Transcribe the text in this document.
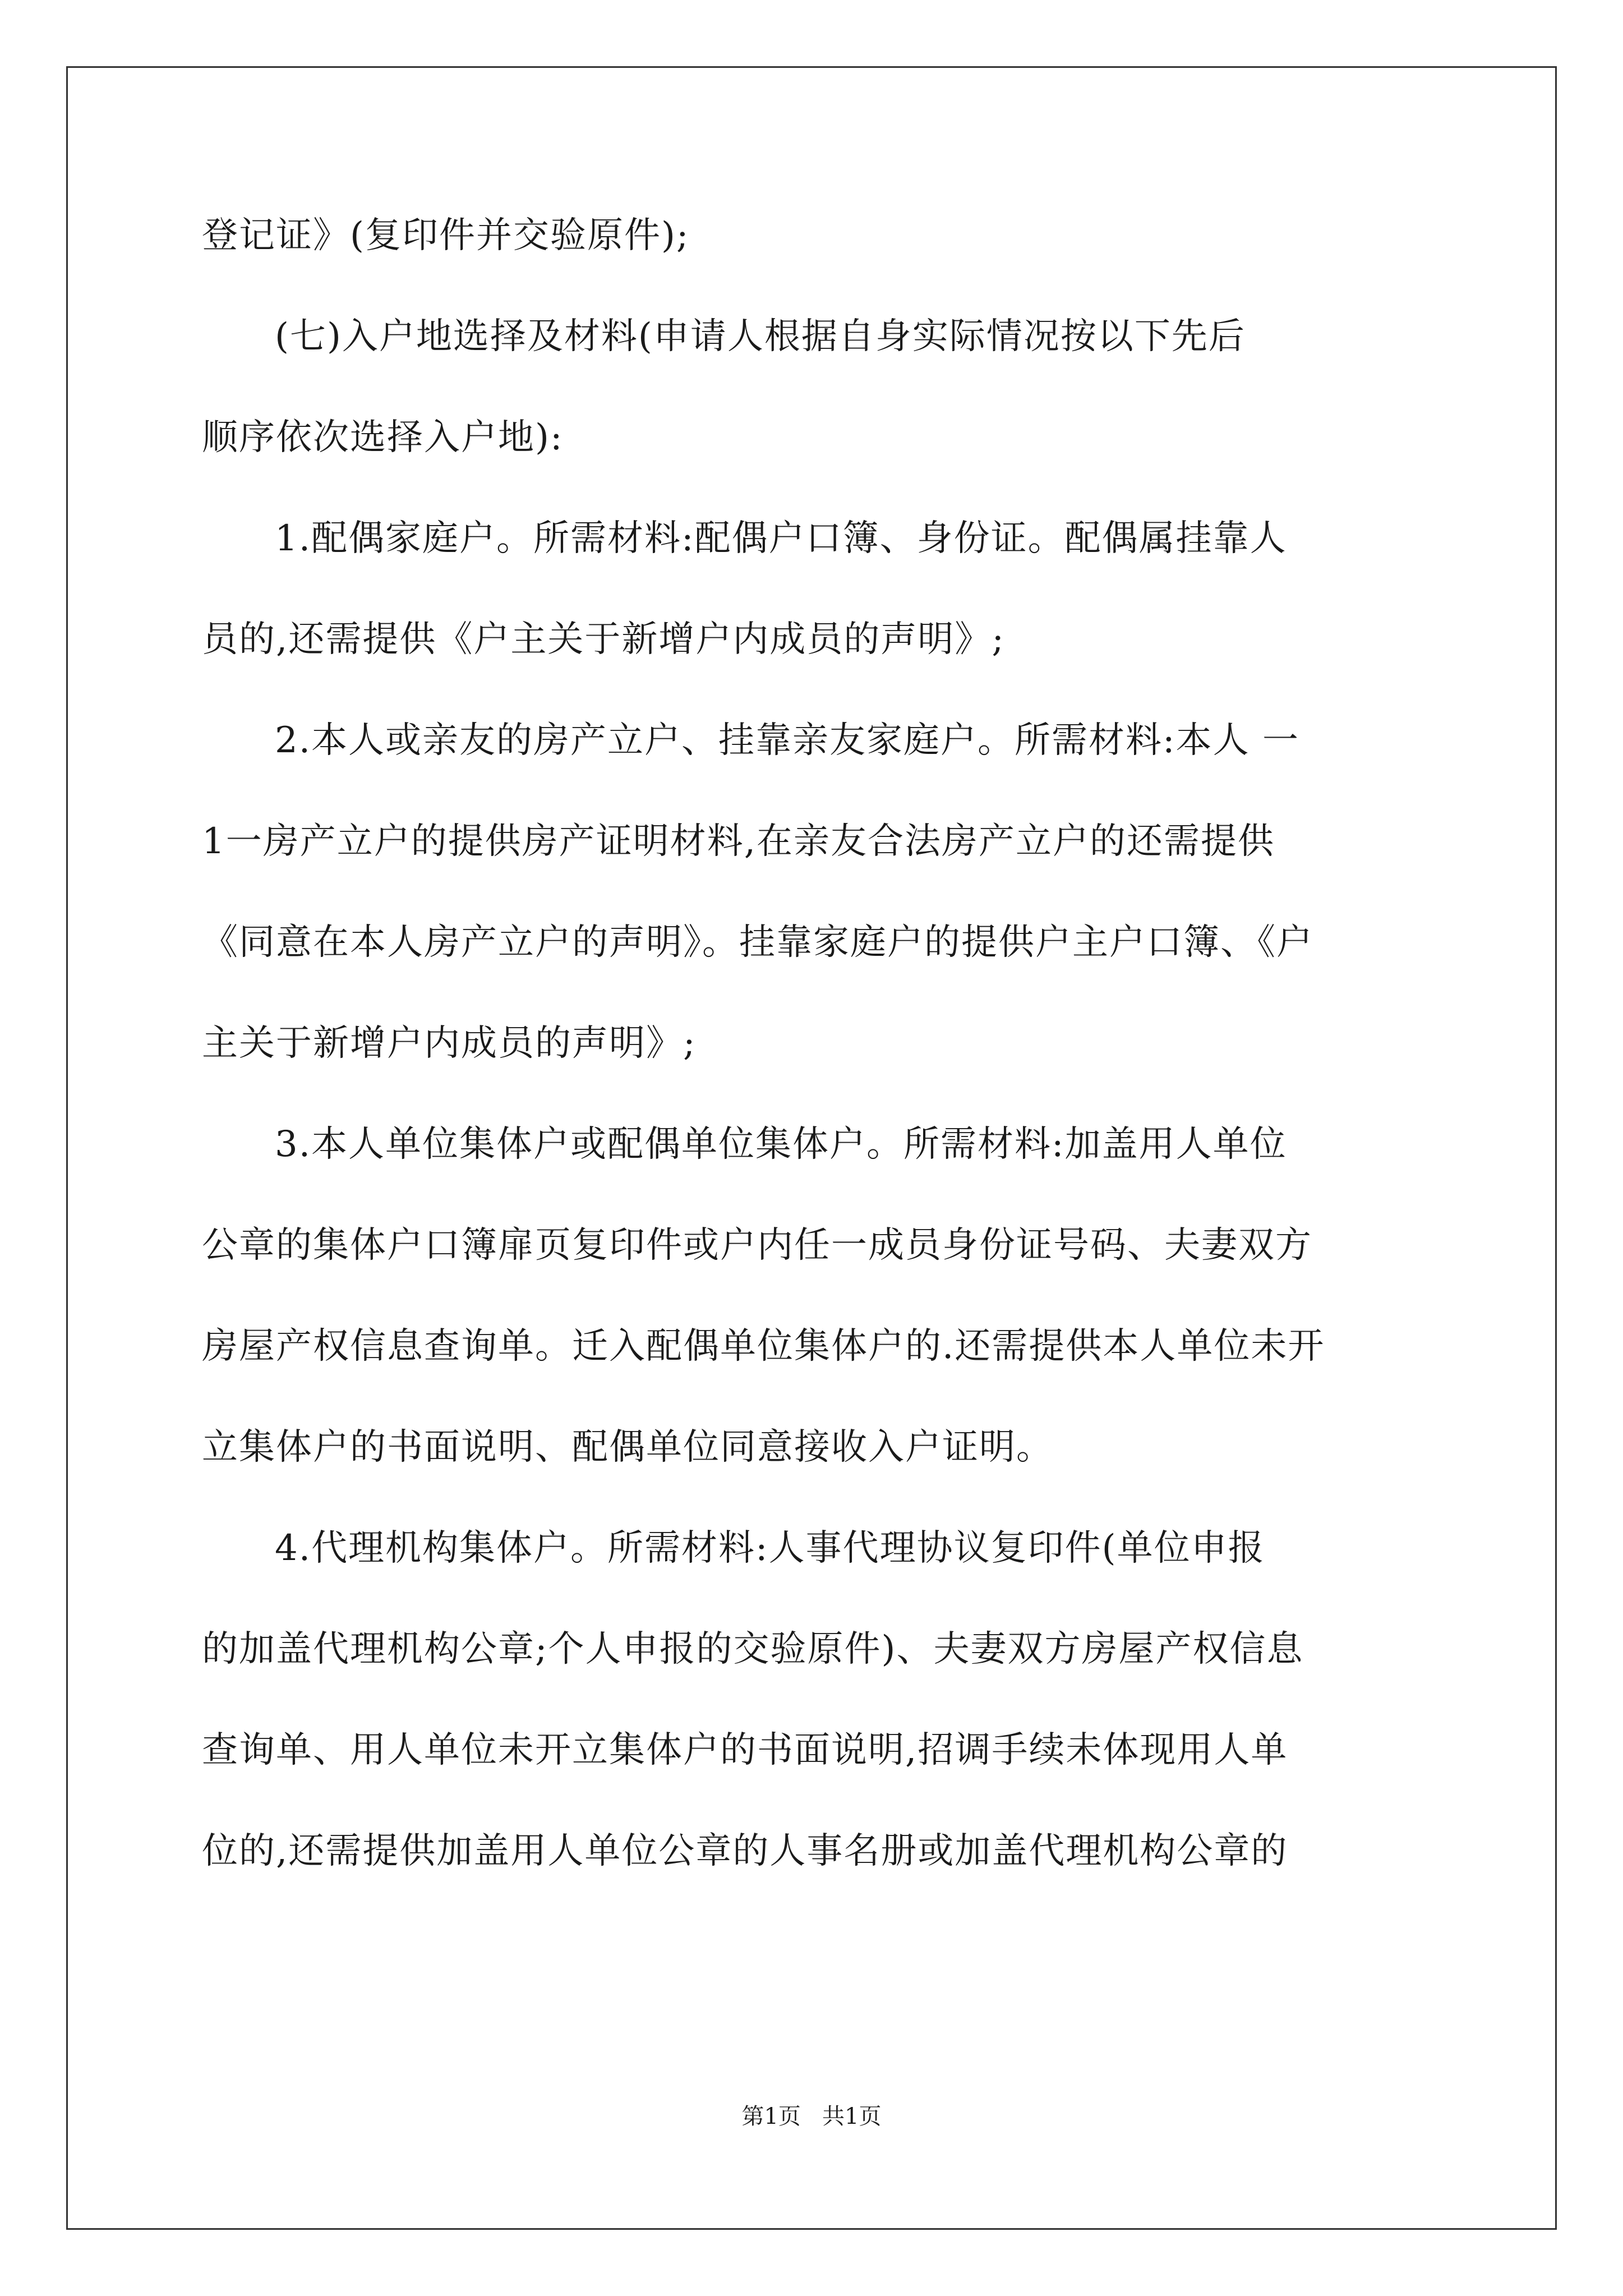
登记证》(复印件并交验原件);
(七)入户地选择及材料(申请人根据自身实际情况按以下先后
顺序依次选择入户地):
1.配偶家庭户。所需材料:配偶户口簿、身份证。配偶属挂靠人
员的,还需提供《户主关于新增户内成员的声明》;
2.本人或亲友的房产立户、挂靠亲友家庭户。所需材料:本人 一
1一房产立户的提供房产证明材料,在亲友合法房产立户的还需提供
《同意在本人房产立户的声明》。挂靠家庭户的提供户主户口簿、《户
主关于新增户内成员的声明》;
3.本人单位集体户或配偶单位集体户。所需材料:加盖用人单位
公章的集体户口簿扉页复印件或户内任一成员身份证号码、夫妻双方
房屋产权信息查询单。迁入配偶单位集体户的.还需提供本人单位未开
立集体户的书面说明、配偶单位同意接收入户证明。
4.代理机构集体户。所需材料:人事代理协议复印件(单位申报
的加盖代理机构公章;个人申报的交验原件)、夫妻双方房屋产权信息
查询单、用人单位未开立集体户的书面说明,招调手续未体现用人单
位的,还需提供加盖用人单位公章的人事名册或加盖代理机构公章的
第1页   共1页
